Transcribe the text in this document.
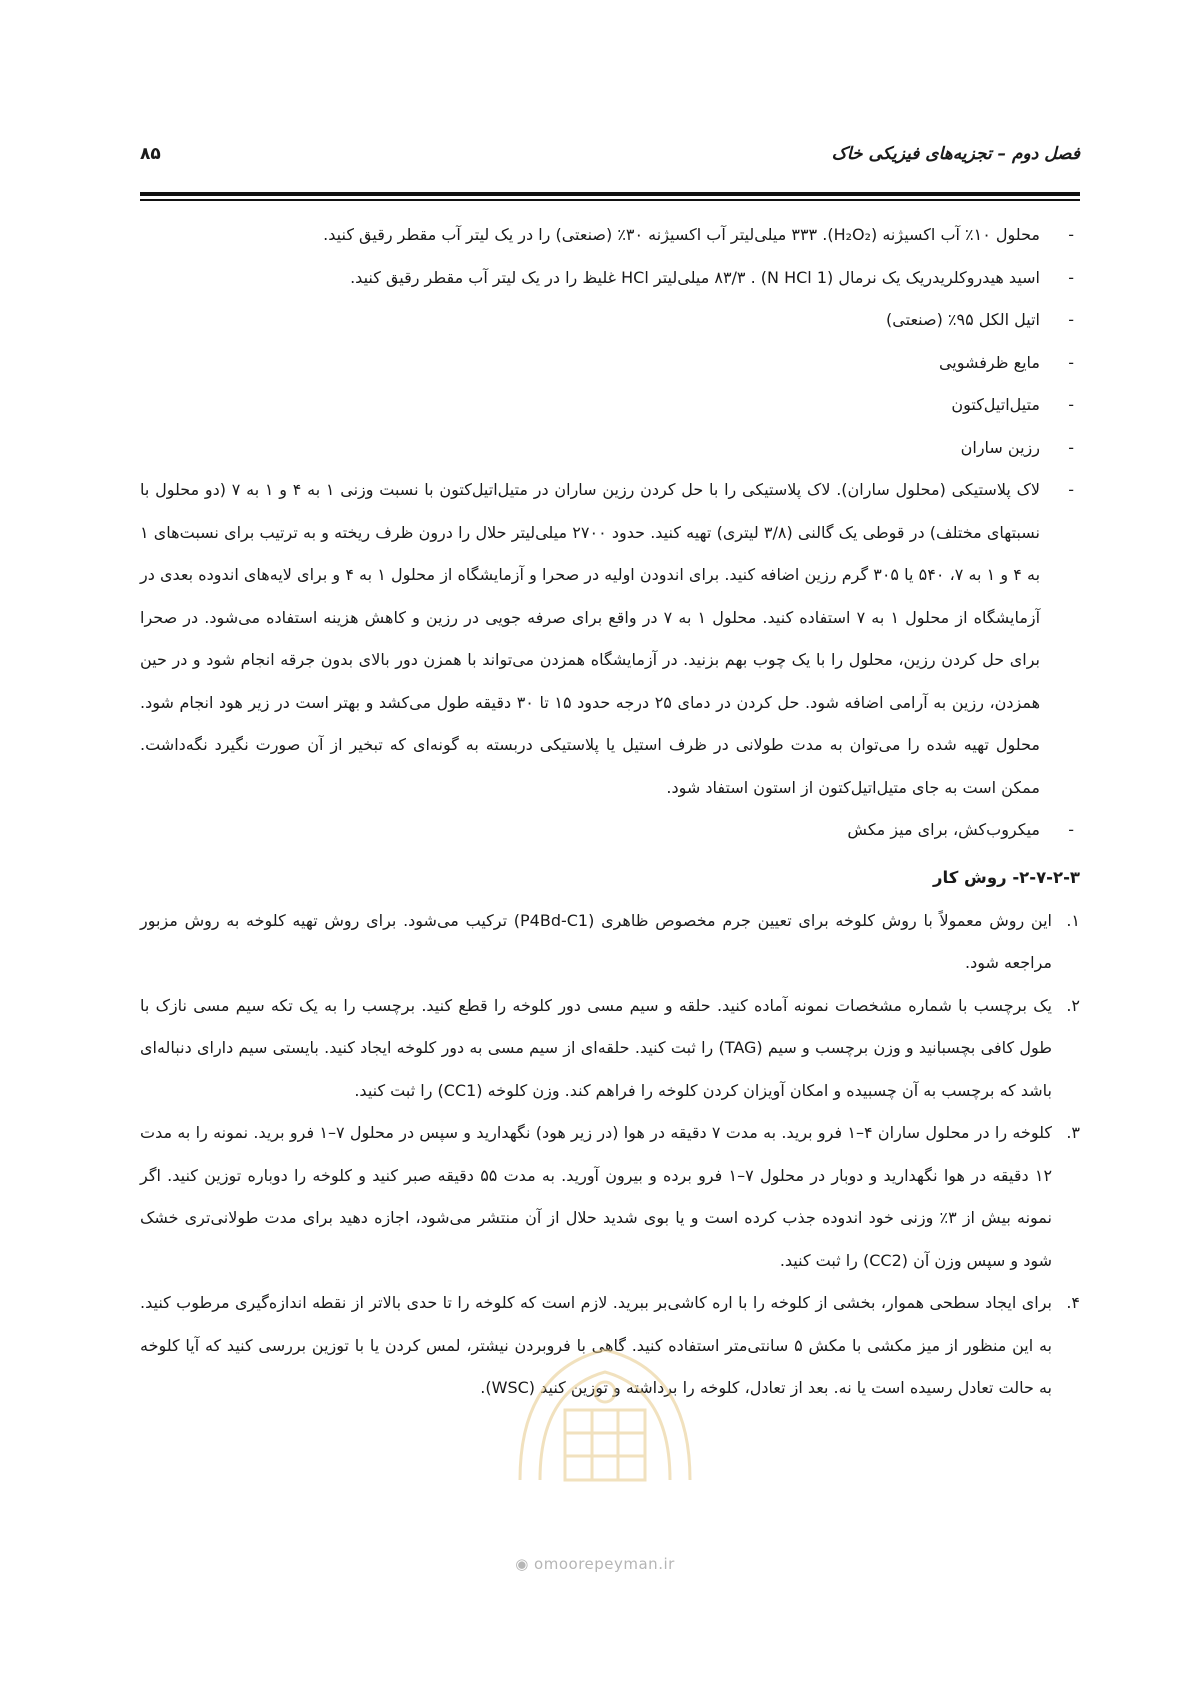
فصل دوم – تجزیه‌های فیزیکی خاک
۸۵
-
محلول ۱۰٪ آب اکسیژنه (H₂O₂). ۳۳۳ میلی‌لیتر آب اکسیژنه ۳۰٪ (صنعتی) را در یک لیتر آب مقطر رقیق کنید.
-
اسید هیدروکلریدریک یک نرمال (1 N HCl) . ۸۳/۳ میلی‌لیتر HCl غلیظ را در یک لیتر آب مقطر رقیق کنید.
-
اتیل الکل ۹۵٪ (صنعتی)
-
مایع ظرفشویی
-
متیل‌اتیل‌کتون
-
رزین ساران
-
لاک پلاستیکی (محلول ساران). لاک پلاستیکی را با حل کردن رزین ساران در متیل‌اتیل‌کتون با نسبت وزنی ۱ به ۴ و ۱ به ۷ (دو محلول با نسبتهای مختلف) در قوطی یک گالنی (۳/۸ لیتری) تهیه کنید. حدود ۲۷۰۰ میلی‌لیتر حلال را درون ظرف ریخته و به ترتیب برای نسبت‌های ۱ به ۴ و ۱ به ۷، ۵۴۰ یا ۳۰۵ گرم رزین اضافه کنید. برای اندودن اولیه در صحرا و آزمایشگاه از محلول ۱ به ۴ و برای لایه‌های اندوده بعدی در آزمایشگاه از محلول ۱ به ۷ استفاده کنید. محلول ۱ به ۷ در واقع برای صرفه جویی در رزین و کاهش هزینه استفاده می‌شود. در صحرا برای حل کردن رزین، محلول را با یک چوب بهم بزنید. در آزمایشگاه همزدن می‌تواند با همزن دور بالای بدون جرقه انجام شود و در حین همزدن، رزین به آرامی اضافه شود. حل کردن در دمای ۲۵ درجه حدود ۱۵ تا ۳۰ دقیقه طول می‌کشد و بهتر است در زیر هود انجام شود. محلول تهیه شده را می‌توان به مدت طولانی در ظرف استیل یا پلاستیکی دربسته به گونه‌ای که تبخیر از آن صورت نگیرد نگه‌داشت. ممکن است به جای متیل‌اتیل‌کتون از استون استفاد شود.
-
میکروب‌کش، برای میز مکش
۲-۷-۲-۳- روش کار
۱.
این روش معمولاً با روش کلوخه برای تعیین جرم مخصوص ظاهری (P4Bd-C1) ترکیب می‌شود. برای روش تهیه کلوخه به روش مزبور مراجعه شود.
۲.
یک برچسب با شماره مشخصات نمونه آماده کنید. حلقه و سیم مسی دور کلوخه را قطع کنید. برچسب را به یک تکه سیم مسی نازک با طول کافی بچسبانید و وزن برچسب و سیم (TAG) را ثبت کنید. حلقه‌ای از سیم مسی به دور کلوخه ایجاد کنید. بایستی سیم دارای دنباله‌ای باشد که برچسب به آن چسبیده و امکان آویزان کردن کلوخه را فراهم کند. وزن کلوخه (CC1) را ثبت کنید.
۳.
کلوخه را در محلول ساران ۴–۱ فرو برید. به مدت ۷ دقیقه در هوا (در زیر هود) نگهدارید و سپس در محلول ۷–۱ فرو برید. نمونه را به مدت ۱۲ دقیقه در هوا نگهدارید و دوبار در محلول ۷–۱ فرو برده و بیرون آورید. به مدت ۵۵ دقیقه صبر کنید و کلوخه را دوباره توزین کنید. اگر نمونه بیش از ۳٪ وزنی خود اندوده جذب کرده است و یا بوی شدید حلال از آن منتشر می‌شود، اجازه دهید برای مدت طولانی‌تری خشک شود و سپس وزن آن (CC2) را ثبت کنید.
۴.
برای ایجاد سطحی هموار، بخشی از کلوخه را با اره کاشی‌بر ببرید. لازم است که کلوخه را تا حدی بالاتر از نقطه اندازه‌گیری مرطوب کنید. به این منظور از میز مکشی با مکش ۵ سانتی‌متر استفاده کنید. گاهی با فروبردن نیشتر، لمس کردن یا با توزین بررسی کنید که آیا کلوخه به حالت تعادل رسیده است یا نه. بعد از تعادل، کلوخه را برداشته و توزین کنید (WSC).
◉ omoorepeyman.ir
